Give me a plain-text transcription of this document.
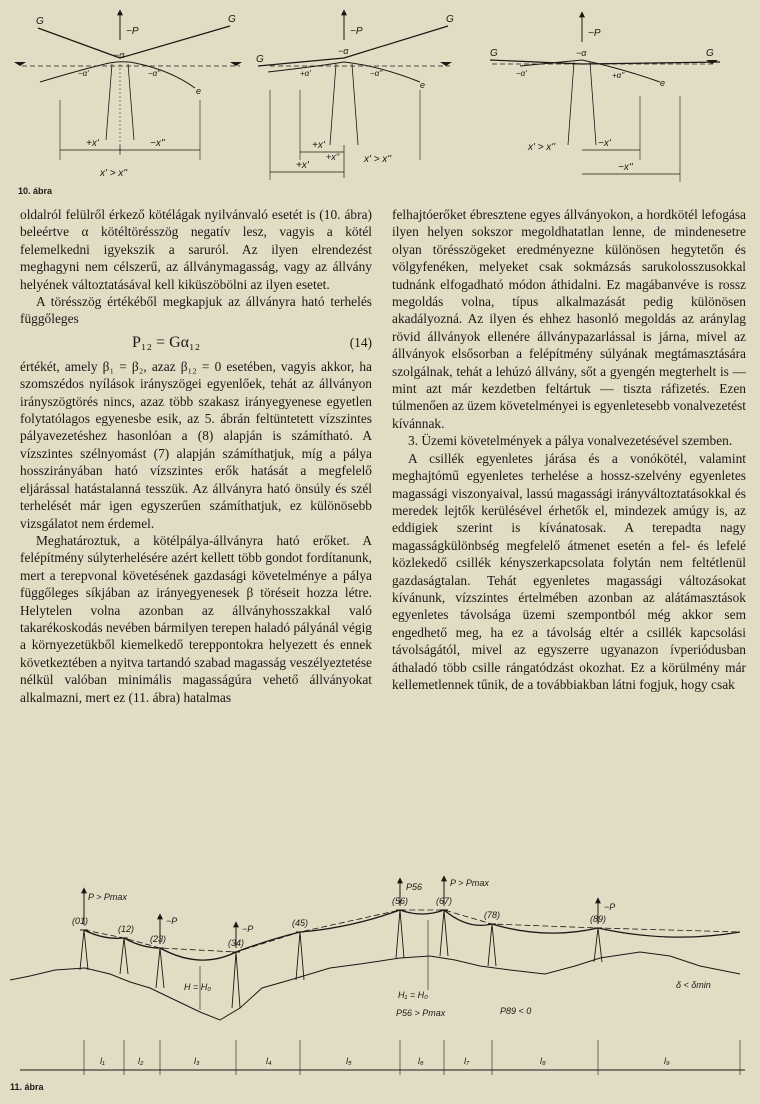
G	G
−P
−α
−α'	−α''
e
+x'	−x''
x' > x''
G
G
−P
−α
+α'	−α''
e
+x'
+x'' x' > x''
+x'
G	G
−P
−α
−α'	+α''
e
−x'
x' > x''
−x''
10. ábra

oldalról felülről érkező kötélágak nyilvánvaló esetét is (10. ábra) beleértve α kötéltörésszög negatív lesz, vagyis a kötél felemelkedni igyekszik a saruról. Az ilyen elrendezést meghagyni nem célszerű, az állványmagasság, vagy az állvány helyének változtatásával kell kiküszöbölni az ilyen esetet.

A törésszög értékéből megkapjuk az állványra ható terhelés függőleges

P₁₂ = Gα₁₂	(14)

értékét, amely β₁ = β₂, azaz β₁₂ = 0 esetében, vagyis akkor, ha szomszédos nyílások irányszögei egyenlőek, tehát az állványon irányszögtörés nincs, azaz több szakasz irányegyenese egyetlen folytatólagos egyenesbe esik, az 5. ábrán feltüntetett vízszintes pályavezetéshez hasonlóan a (8) alapján is számítható. A vízszintes szélnyomást (7) alapján számíthatjuk, míg a pálya hosszirányában ható vízszintes erők hatását a megfelelő eljárással hatástalanná tesszük. Az állványra ható önsúly és szél terhelését már igen egyszerűen számíthatjuk, ez különösebb vizsgálatot nem érdemel.

Meghatároztuk, a kötélpálya-állványra ható erőket. A felépítmény súlyterhelésére azért kellett több gondot fordítanunk, mert a terepvonal követésének gazdasági követelménye a pálya függőleges síkjában az irányegyenesek β töréseit hozza létre. Helytelen volna azonban az állványhosszakkal való takarékoskodás nevében bármilyen terepen haladó pályánál végig a környezetükből kiemelkedő tereppontokra helyezett és ennek következtében a nyitva tartandó szabad magasság veszélyeztetése nélkül valóban minimális magasságúra vehető állványokat alkalmazni, mert ez (11. ábra) hatalmas

felhajtóerőket ébresztene egyes állványokon, a hordkötél lefogása ilyen helyen sokszor megoldhatatlan lenne, de mindenesetre olyan törésszögeket eredményezne különösen hegytetőn és völgyfenéken, melyeket csak sokmázsás sarukolosszusokkal tudnánk elfogadható módon áthidalni. Ez magábanvéve is rossz megoldás volna, típus alkalmazását pedig különösen akadályozná. Az ilyen és ehhez hasonló megoldás az aránylag rövid állványok ellenére állványpazarlással is járna, mivel az állványok elsősorban a felépítmény súlyának megtámasztására szolgálnak, tehát a lehúzó állvány, sőt a gyengén megterhelt is — mint azt már kezdetben feltártuk — tiszta ráfizetés. Ezen túlmenően az üzem követelményei is egyenletesebb vonalvezetést kívánnak.

3. Üzemi követelmények a pálya vonalvezetésével szemben.

A csillék egyenletes járása és a vonókötél, valamint meghajtómű egyenletes terhelése a hossz-szelvény egyenletes magassági viszonyaival, lassú magassági irányváltoztatásokkal és meredek lejtők kerülésével érhetők el, mindezek amúgy is, az eddigiek szerint is kívánatosak. A terepadta nagy magasságkülönbség megfelelő átmenet esetén a fel- és lefelé közlekedő csillék kényszerkapcsolata folytán nem feltétlenül gazdaságtalan. Tehát egyenletes magassági változásokat kívánunk, vízszintes értelmében azonban az alátámasztások egyenletes távolsága üzemi szempontból még akkor sem engedhető meg, ha ez a távolság eltér a csillék kapcsolási távolságától, mivel az egyszerre ugyanazon ívperiódusban áthaladó több csille rángatódzást okozhat. Ez a körülmény már kellemetlennek tűnik, de a továbbiakban látni fogjuk, hogy csak

(01)
(12)
(23)	(34)
(45)
(56)	(67)
(78)	(89)
P > Pmax
−P
−P
P56	P > Pmax
−P
H = H₀
H₁ = H₀
P56 > Pmax	P89 < 0
δ < δmin
l₁	l₂	l₃	l₄	l₅	l₆	l₇	l₈	l₉
11. ábra
